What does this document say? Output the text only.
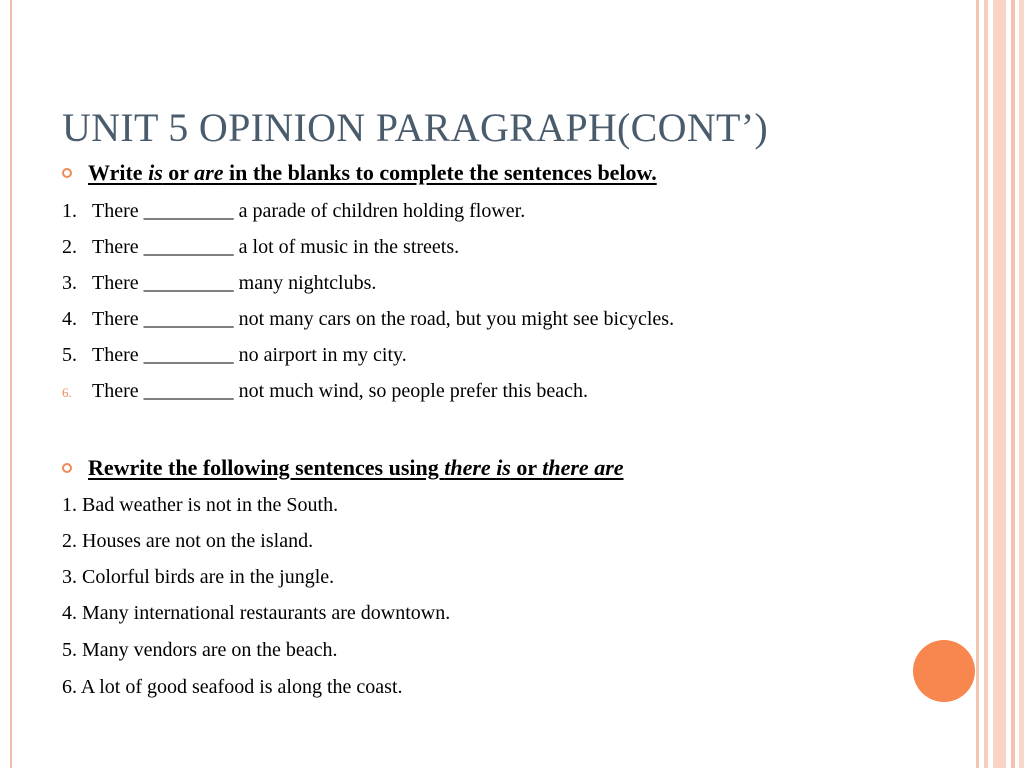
UNIT 5 OPINION PARAGRAPH(CONT’)
Write is or are in the blanks to complete the sentences below.
1. There _________ a parade of children holding flower.
2. There _________ a lot of music in the streets.
3. There _________ many nightclubs.
4. There _________ not many cars on the road, but you might see bicycles.
5. There _________ no airport in my city.
6. There _________ not much wind, so people prefer this beach.
Rewrite the following sentences using there is or there are
1. Bad weather is not in the South.
2. Houses are not on the island.
3. Colorful birds are in the jungle.
4. Many international restaurants are downtown.
5. Many vendors are on the beach.
6. A lot of good seafood is along the coast.
